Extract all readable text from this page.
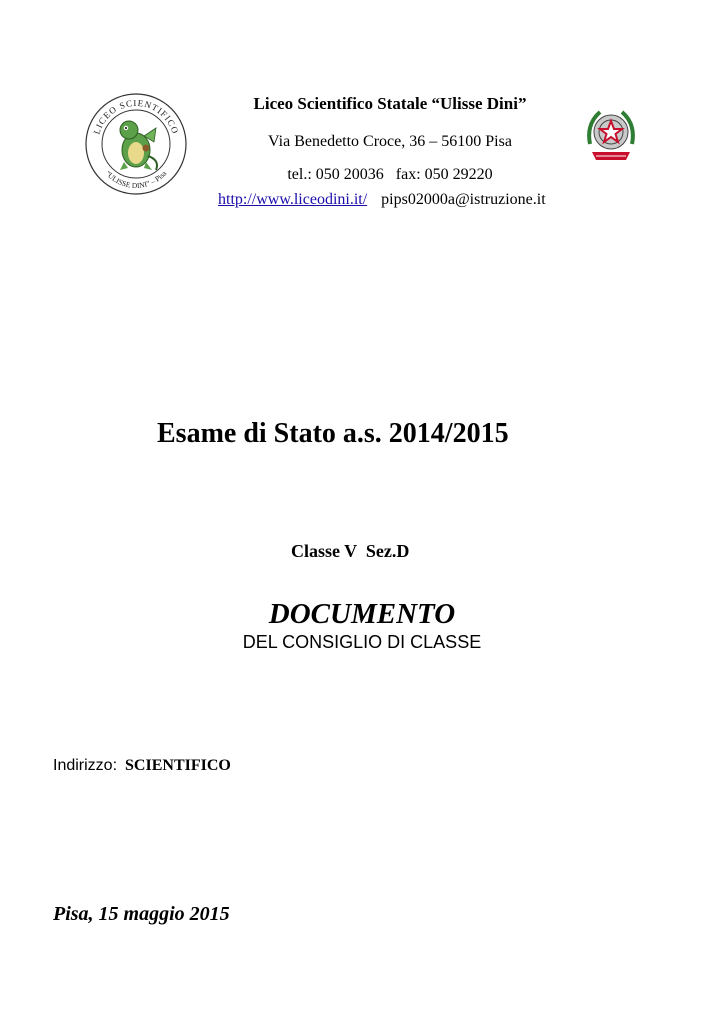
LICEO SCIENTIFICO
“ULISSE DINI” – Pisa
Liceo Scientifico Statale “Ulisse Dini”
Via Benedetto Croce, 36 – 56100 Pisa
tel.: 050 20036   fax: 050 29220
http://www.liceodini.it/ pips02000a@istruzione.it
Esame di Stato a.s. 2014/2015
Classe V  Sez.D
DOCUMENTO
DEL CONSIGLIO DI CLASSE
Indirizzo: SCIENTIFICO
Pisa, 15 maggio 2015
